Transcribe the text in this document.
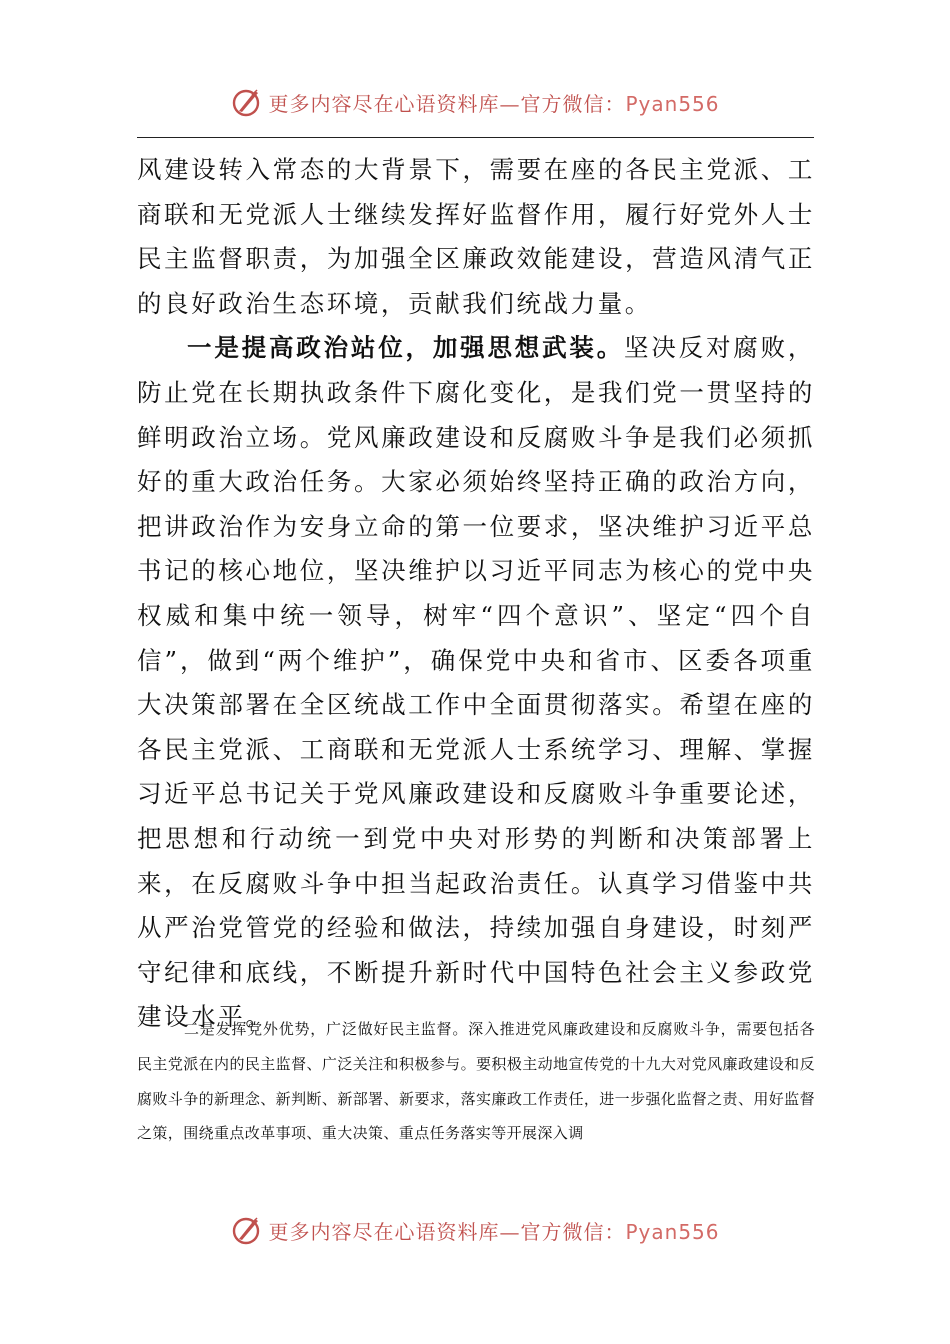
更多内容尽在心语资料库—官方微信：Pyan556

风建设转入常态的大背景下，需要在座的各民主党派、工商联和无党派人士继续发挥好监督作用，履行好党外人士民主监督职责，为加强全区廉政效能建设，营造风清气正的良好政治生态环境，贡献我们统战力量。

一是提高政治站位，加强思想武装。坚决反对腐败，防止党在长期执政条件下腐化变化，是我们党一贯坚持的鲜明政治立场。党风廉政建设和反腐败斗争是我们必须抓好的重大政治任务。大家必须始终坚持正确的政治方向，把讲政治作为安身立命的第一位要求，坚决维护习近平总书记的核心地位，坚决维护以习近平同志为核心的党中央权威和集中统一领导，树牢“四个意识”、坚定“四个自信”，做到“两个维护”，确保党中央和省市、区委各项重大决策部署在全区统战工作中全面贯彻落实。希望在座的各民主党派、工商联和无党派人士系统学习、理解、掌握习近平总书记关于党风廉政建设和反腐败斗争重要论述，把思想和行动统一到党中央对形势的判断和决策部署上来，在反腐败斗争中担当起政治责任。认真学习借鉴中共从严治党管党的经验和做法，持续加强自身建设，时刻严守纪律和底线，不断提升新时代中国特色社会主义参政党建设水平。

二是发挥党外优势，广泛做好民主监督。深入推进党风廉政建设和反腐败斗争，需要包括各民主党派在内的民主监督、广泛关注和积极参与。要积极主动地宣传党的十九大对党风廉政建设和反腐败斗争的新理念、新判断、新部署、新要求，落实廉政工作责任，进一步强化监督之责、用好监督之策，围绕重点改革事项、重大决策、重点任务落实等开展深入调

更多内容尽在心语资料库—官方微信：Pyan556
